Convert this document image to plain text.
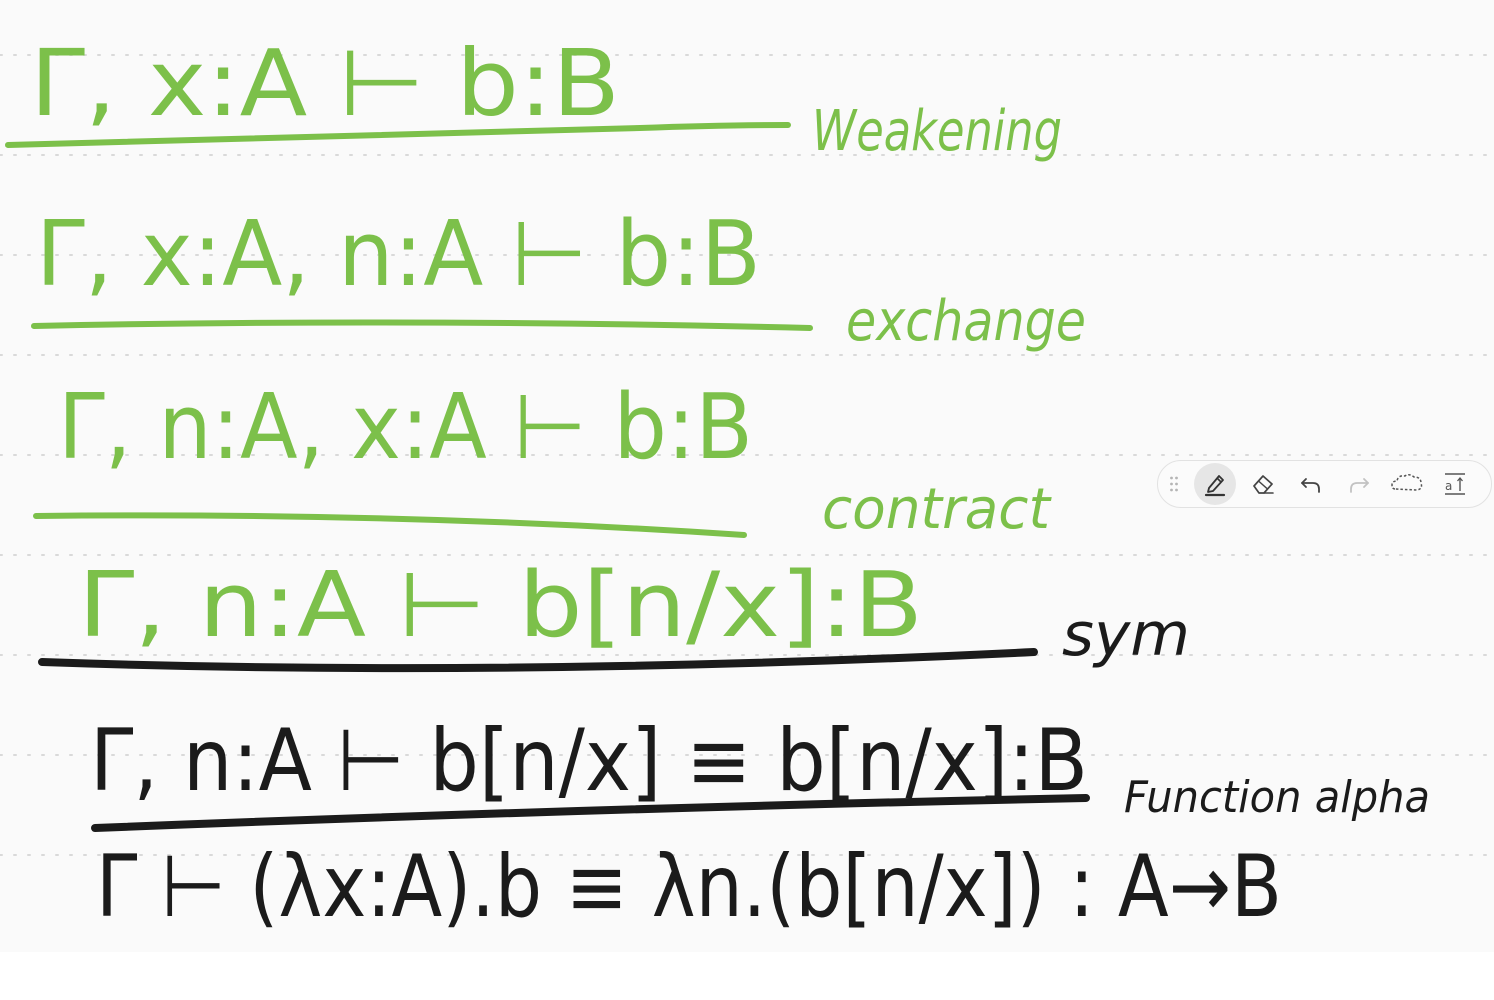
Γ, x:A ⊢ b:B	Weakening
Γ, x:A, n:A ⊢ b:B
exchange
Γ, n:A, x:A ⊢ b:B
contract
Γ, n:A ⊢ b[n/x]:B sym
Γ, n:A ⊢ b[n/x] ≡ b[n/x]:B Function alpha
Γ ⊢ (λx:A).b ≡ λn.(b[n/x]) : A→B
a
